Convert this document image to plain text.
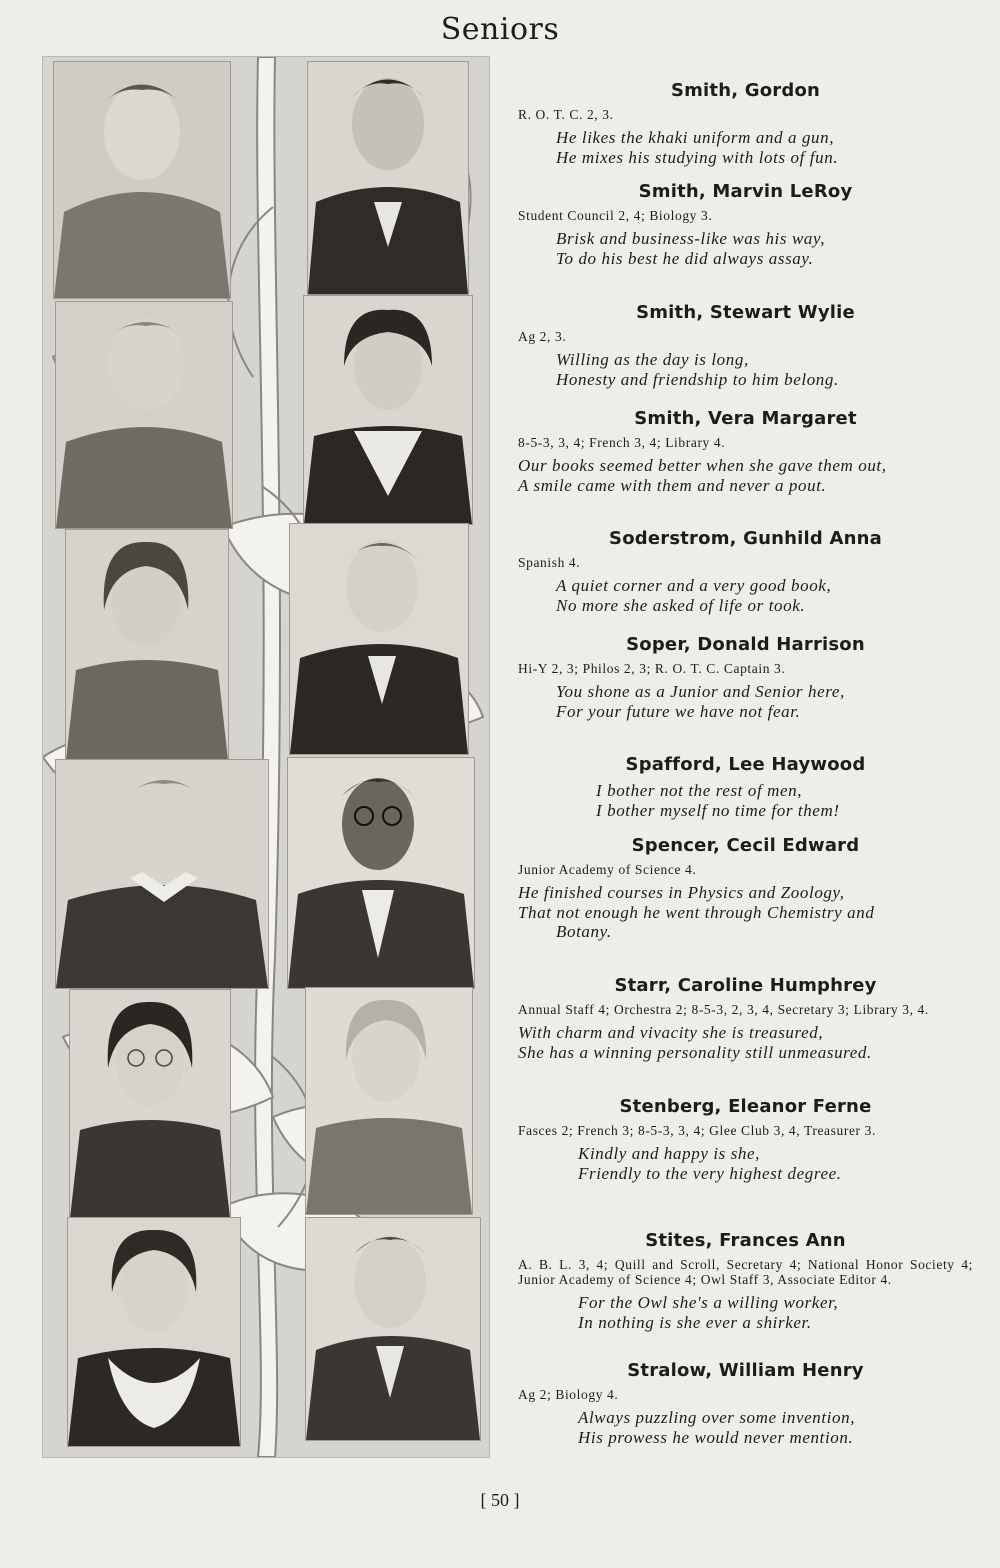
Seniors
Smith, Gordon
R. O. T. C. 2, 3.
He likes the khaki uniform and a gun,
He mixes his studying with lots of fun.
Smith, Marvin LeRoy
Student Council 2, 4; Biology 3.
Brisk and business-like was his way,
To do his best he did always assay.
Smith, Stewart Wylie
Ag 2, 3.
Willing as the day is long,
Honesty and friendship to him belong.
Smith, Vera Margaret
8-5-3, 3, 4; French 3, 4; Library 4.
Our books seemed better when she gave them out,
A smile came with them and never a pout.
Soderstrom, Gunhild Anna
Spanish 4.
A quiet corner and a very good book,
No more she asked of life or took.
Soper, Donald Harrison
Hi-Y 2, 3; Philos 2, 3; R. O. T. C. Captain 3.
You shone as a Junior and Senior here,
For your future we have not fear.
Spafford, Lee Haywood
I bother not the rest of men,
I bother myself no time for them!
Spencer, Cecil Edward
Junior Academy of Science 4.
He finished courses in Physics and Zoology,
That not enough he went through Chemistry and
Botany.
Starr, Caroline Humphrey
Annual Staff 4; Orchestra 2; 8-5-3, 2, 3, 4, Secretary 3; Library 3, 4.
With charm and vivacity she is treasured,
She has a winning personality still unmeasured.
Stenberg, Eleanor Ferne
Fasces 2; French 3; 8-5-3, 3, 4; Glee Club 3, 4, Treasurer 3.
Kindly and happy is she,
Friendly to the very highest degree.
Stites, Frances Ann
A. B. L. 3, 4; Quill and Scroll, Secretary 4; National Honor Society 4; Junior Academy of Science 4; Owl Staff 3, Associate Editor 4.
For the Owl she's a willing worker,
In nothing is she ever a shirker.
Stralow, William Henry
Ag 2; Biology 4.
Always puzzling over some invention,
His prowess he would never mention.
[ 50 ]
